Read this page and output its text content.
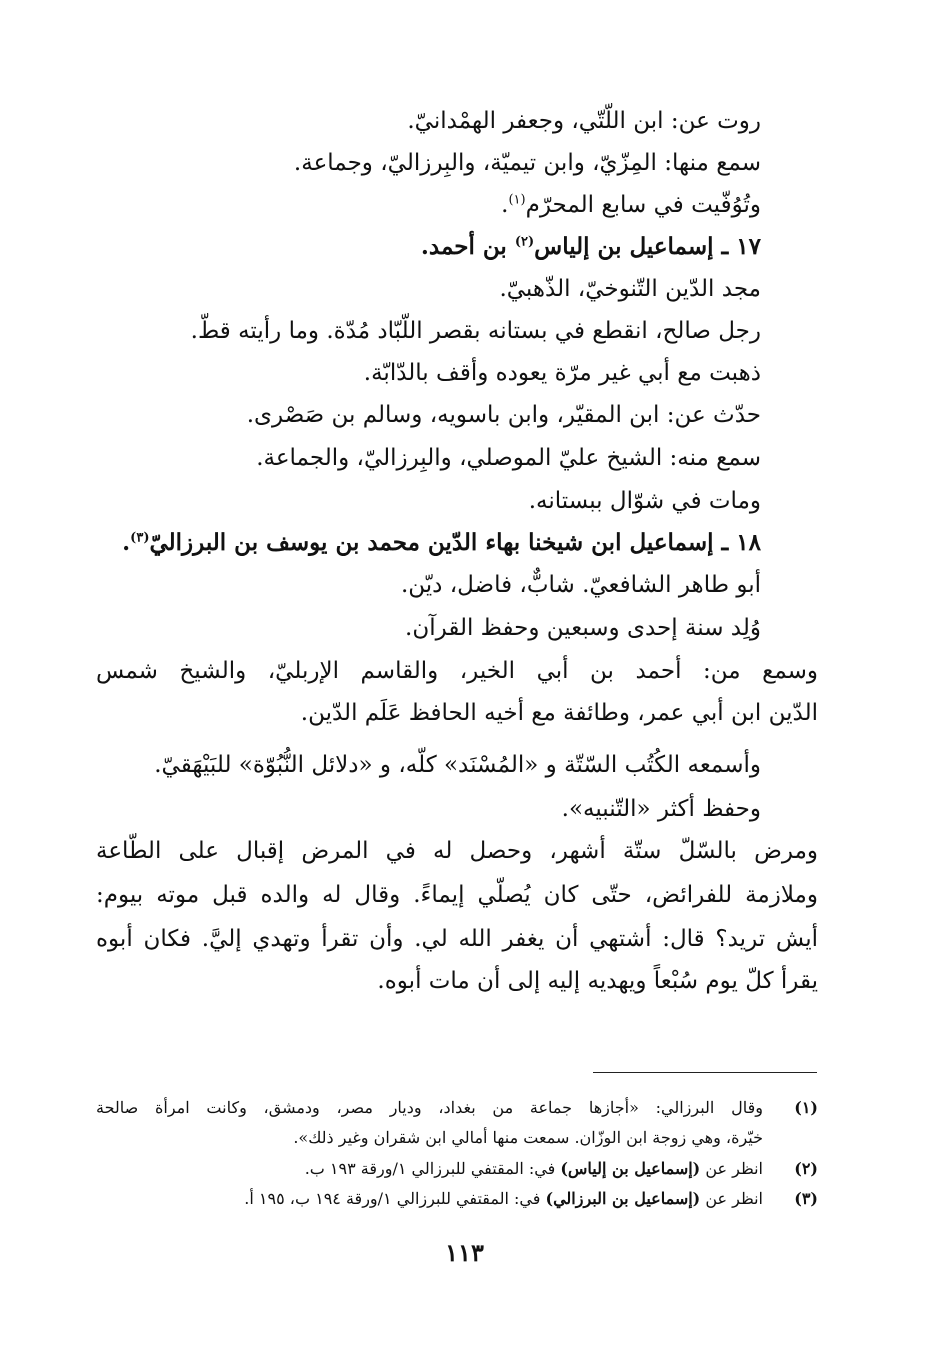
روت عن: ابن اللّتّي، وجعفر الهمْدانيّ.
سمع منها: المِزّيّ، وابن تيميّة، والبِرزاليّ، وجماعة.
وتُوُفّيت في سابع المحرّم$^{(١)}$.
١٧ ـ إسماعيل بن إلياس$^{(٢)}$ بن أحمد.
مجد الدّين التّنوخيّ، الذّهبيّ.
رجل صالح، انقطع في بستانه بقصر اللّبّاد مُدّة. وما رأيته قطّ.
ذهبت مع أبي غير مرّة يعوده وأقف بالدّابّة.
حدّث عن: ابن المقيّر، وابن باسويه، وسالم بن صَصْرى.
سمع منه: الشيخ عليّ الموصلي، والبِرزاليّ، والجماعة.
ومات في شوّال ببستانه.
١٨ ـ إسماعيل ابن شيخنا بهاء الدّين محمد بن يوسف بن البرزاليّ$^{(٣)}$.
أبو طاهر الشافعيّ. شابٌّ، فاضل، ديّن.
وُلِد سنة إحدى وسبعين وحفظ القرآن.
وسمع من: أحمد بن أبي الخير، والقاسم الإربليّ، والشيخ شمس
الدّين ابن أبي عمر، وطائفة مع أخيه الحافظ عَلَم الدّين.
وأسمعه الكُتُب السّتّة و «المُسْنَد» كلّه، و «دلائل النُّبُوّة» للبَيْهَقيّ.
وحفظ أكثر «التّنبيه».
ومرض بالسّلّ ستّة أشهر، وحصل له في المرض إقبال على الطّاعة
وملازمة للفرائض، حتّى كان يُصلّي إيماءً. وقال له والده قبل موته بيوم:
أيش تريد؟ قال: أشتهي أن يغفر الله لي. وأن تقرأ وتهدي إليَّ. فكان أبوه
يقرأ كلّ يوم سُبْعاً ويهديه إليه إلى أن مات أبوه.
(١)
وقال البرزالي: «أجازها جماعة من بغداد، وديار مصر، ودمشق، وكانت امرأة صالحة
خيّرة، وهي زوجة ابن الوزّان. سمعت منها أمالي ابن شقران وغير ذلك».
(٢)
انظر عن (إسماعيل بن إلياس) في: المقتفي للبرزالي ١/ورقة ١٩٣ ب.
(٣)
انظر عن (إسماعيل بن البرزالي) في: المقتفي للبرزالي ١/ورقة ١٩٤ ب، ١٩٥ أ.
١١٣
